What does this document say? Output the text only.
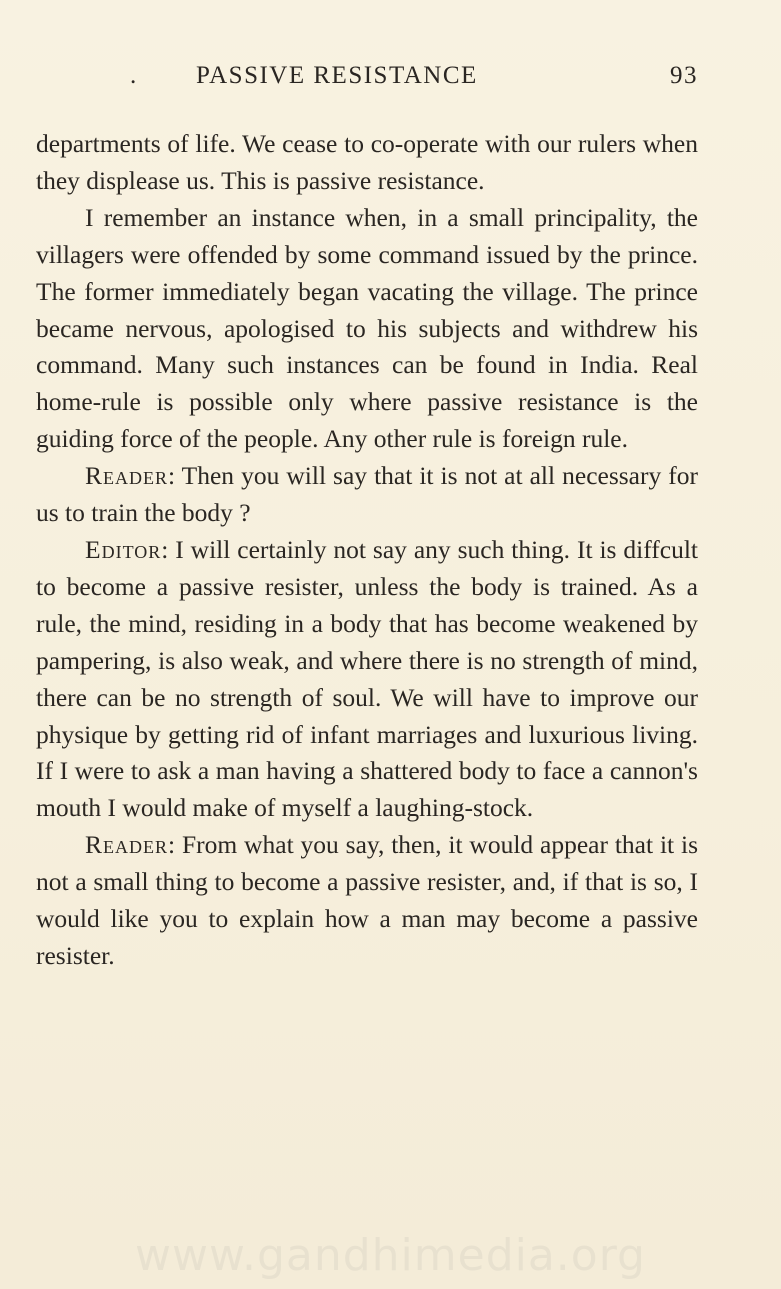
. PASSIVE RESISTANCE	93

departments of life. We cease to co-operate with our rulers when they displease us. This is passive resistance.

I remember an instance when, in a small principality, the villagers were offended by some command issued by the prince. The former immediately began vacating the village. The prince became nervous, apologised to his subjects and withdrew his command. Many such instances can be found in India. Real home-rule is possible only where passive resistance is the guiding force of the people. Any other rule is foreign rule.

Reader: Then you will say that it is not at all necessary for us to train the body ?

Editor: I will certainly not say any such thing. It is diffcult to become a passive resister, unless the body is trained. As a rule, the mind, residing in a body that has become weakened by pampering, is also weak, and where there is no strength of mind, there can be no strength of soul. We will have to improve our physique by getting rid of infant marriages and luxurious living. If I were to ask a man having a shattered body to face a cannon's mouth I would make of myself a laughing-stock.

Reader: From what you say, then, it would appear that it is not a small thing to become a passive resister, and, if that is so, I would like you to explain how a man may become a passive resister.

www.gandhimedia.org
